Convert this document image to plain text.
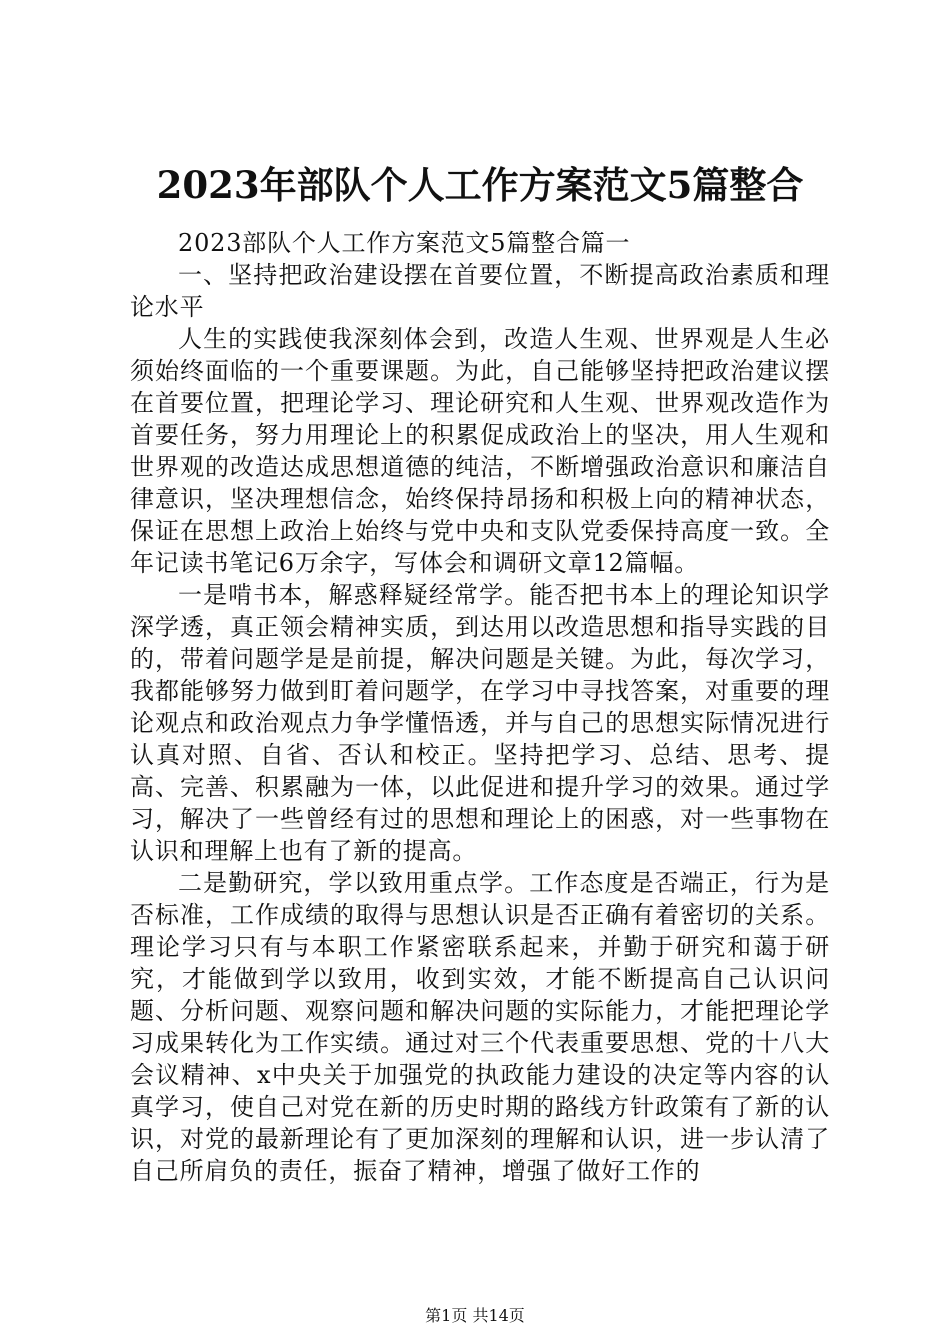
2023年部队个人工作方案范文5篇整合

2023部队个人工作方案范文5篇整合篇一

一、坚持把政治建设摆在首要位置，不断提高政治素质和理论水平

人生的实践使我深刻体会到，改造人生观、世界观是人生必须始终面临的一个重要课题。为此，自己能够坚持把政治建议摆在首要位置，把理论学习、理论研究和人生观、世界观改造作为首要任务，努力用理论上的积累促成政治上的坚决，用人生观和世界观的改造达成思想道德的纯洁，不断增强政治意识和廉洁自律意识，坚决理想信念，始终保持昂扬和积极上向的精神状态，保证在思想上政治上始终与党中央和支队党委保持高度一致。全年记读书笔记6万余字，写体会和调研文章12篇幅。

一是啃书本，解惑释疑经常学。能否把书本上的理论知识学深学透，真正领会精神实质，到达用以改造思想和指导实践的目的，带着问题学是是前提，解决问题是关键。为此，每次学习，我都能够努力做到盯着问题学，在学习中寻找答案，对重要的理论观点和政治观点力争学懂悟透，并与自己的思想实际情况进行认真对照、自省、否认和校正。坚持把学习、总结、思考、提高、完善、积累融为一体，以此促进和提升学习的效果。通过学习，解决了一些曾经有过的思想和理论上的困惑，对一些事物在认识和理解上也有了新的提高。

二是勤研究，学以致用重点学。工作态度是否端正，行为是否标准，工作成绩的取得与思想认识是否正确有着密切的关系。理论学习只有与本职工作紧密联系起来，并勤于研究和蔼于研究，才能做到学以致用，收到实效，才能不断提高自己认识问题、分析问题、观察问题和解决问题的实际能力，才能把理论学习成果转化为工作实绩。通过对三个代表重要思想、党的十八大会议精神、x中央关于加强党的执政能力建设的决定等内容的认真学习，使自己对党在新的历史时期的路线方针政策有了新的认识，对党的最新理论有了更加深刻的理解和认识，进一步认清了自己所肩负的责任，振奋了精神，增强了做好工作的

第1页 共14页
